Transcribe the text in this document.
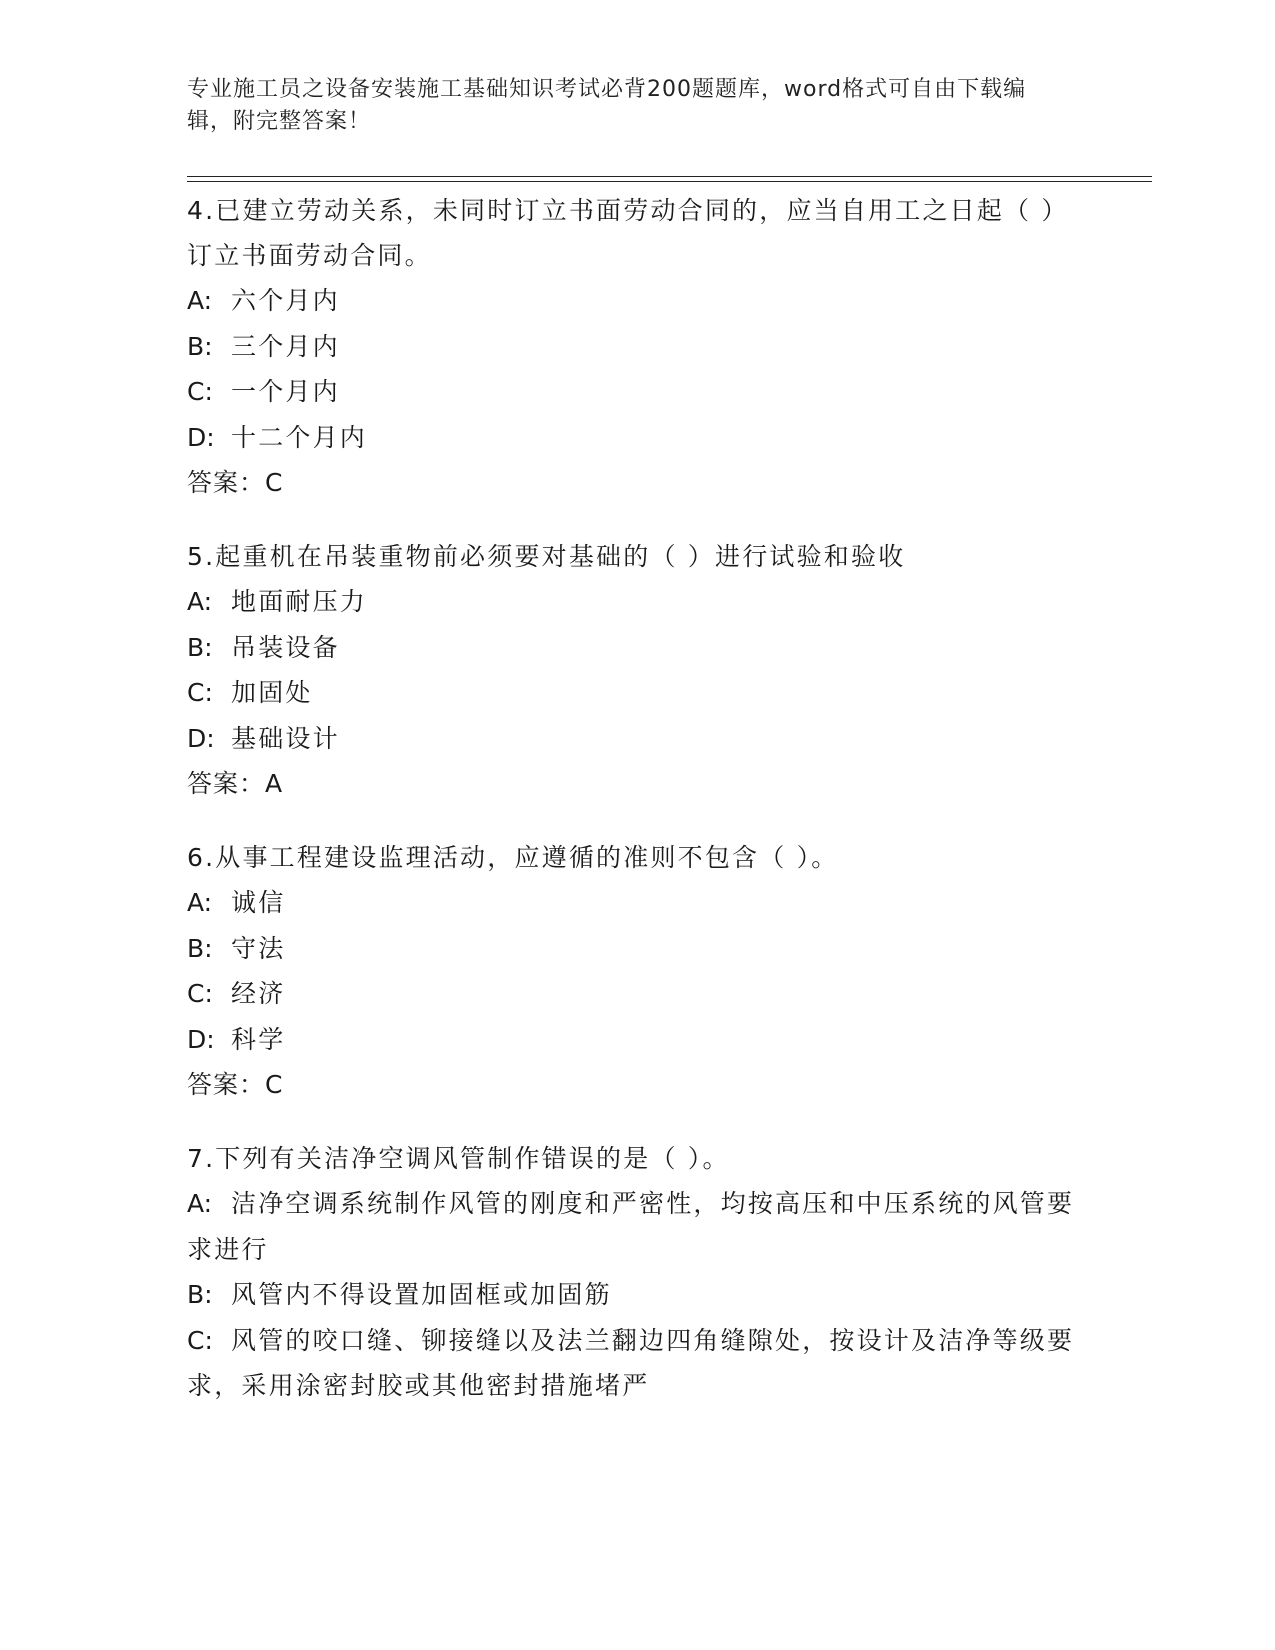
专业施工员之设备安装施工基础知识考试必背200题题库，word格式可自由下载编辑，附完整答案！

4.已建立劳动关系，未同时订立书面劳动合同的，应当自用工之日起（ ）订立书面劳动合同。

A: 六个月内

B: 三个月内

C: 一个月内

D: 十二个月内

答案：C

5.起重机在吊装重物前必须要对基础的（ ）进行试验和验收

A: 地面耐压力

B: 吊装设备

C: 加固处

D: 基础设计

答案：A

6.从事工程建设监理活动，应遵循的准则不包含（ ）。

A: 诚信

B: 守法

C: 经济

D: 科学

答案：C

7.下列有关洁净空调风管制作错误的是（ ）。

A: 洁净空调系统制作风管的刚度和严密性，均按高压和中压系统的风管要求进行

B: 风管内不得设置加固框或加固筋

C: 风管的咬口缝、铆接缝以及法兰翻边四角缝隙处，按设计及洁净等级要求，采用涂密封胶或其他密封措施堵严
